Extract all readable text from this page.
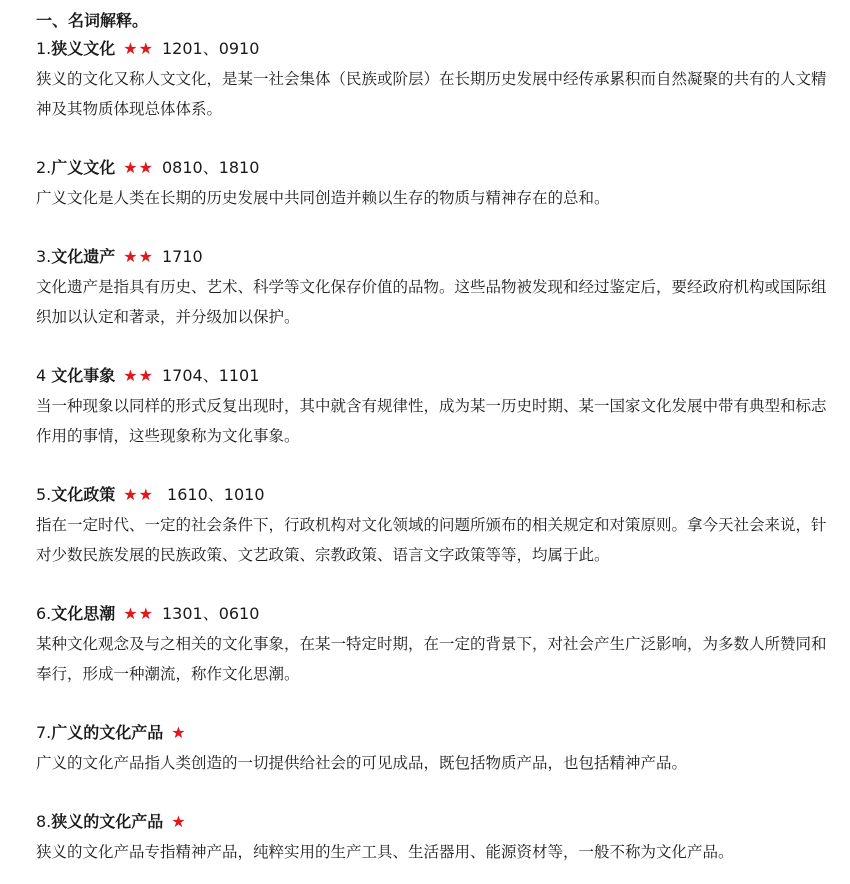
一、名词解释。
1.狭义文化 ★★ 1201、0910

狭义的文化又称人文文化，是某一社会集体（民族或阶层）在长期历史发展中经传承累积而自然凝聚的共有的人文精神及其物质体现总体体系。

2.广义文化 ★★ 0810、1810

广义文化是人类在长期的历史发展中共同创造并赖以生存的物质与精神存在的总和。

3.文化遗产 ★★ 1710

文化遗产是指具有历史、艺术、科学等文化保存价值的品物。这些品物被发现和经过鉴定后，要经政府机构或国际组织加以认定和著录，并分级加以保护。

4 文化事象 ★★ 1704、1101

当一种现象以同样的形式反复出现时，其中就含有规律性，成为某一历史时期、某一国家文化发展中带有典型和标志作用的事情，这些现象称为文化事象。

5.文化政策 ★★ 1610、1010

指在一定时代、一定的社会条件下，行政机构对文化领域的问题所颁布的相关规定和对策原则。拿今天社会来说，针对少数民族发展的民族政策、文艺政策、宗教政策、语言文字政策等等，均属于此。

6.文化思潮 ★★ 1301、0610

某种文化观念及与之相关的文化事象，在某一特定时期，在一定的背景下，对社会产生广泛影响，为多数人所赞同和奉行，形成一种潮流，称作文化思潮。

7.广义的文化产品 ★

广义的文化产品指人类创造的一切提供给社会的可见成品，既包括物质产品，也包括精神产品。

8.狭义的文化产品 ★

狭义的文化产品专指精神产品，纯粹实用的生产工具、生活器用、能源资材等，一般不称为文化产品。
